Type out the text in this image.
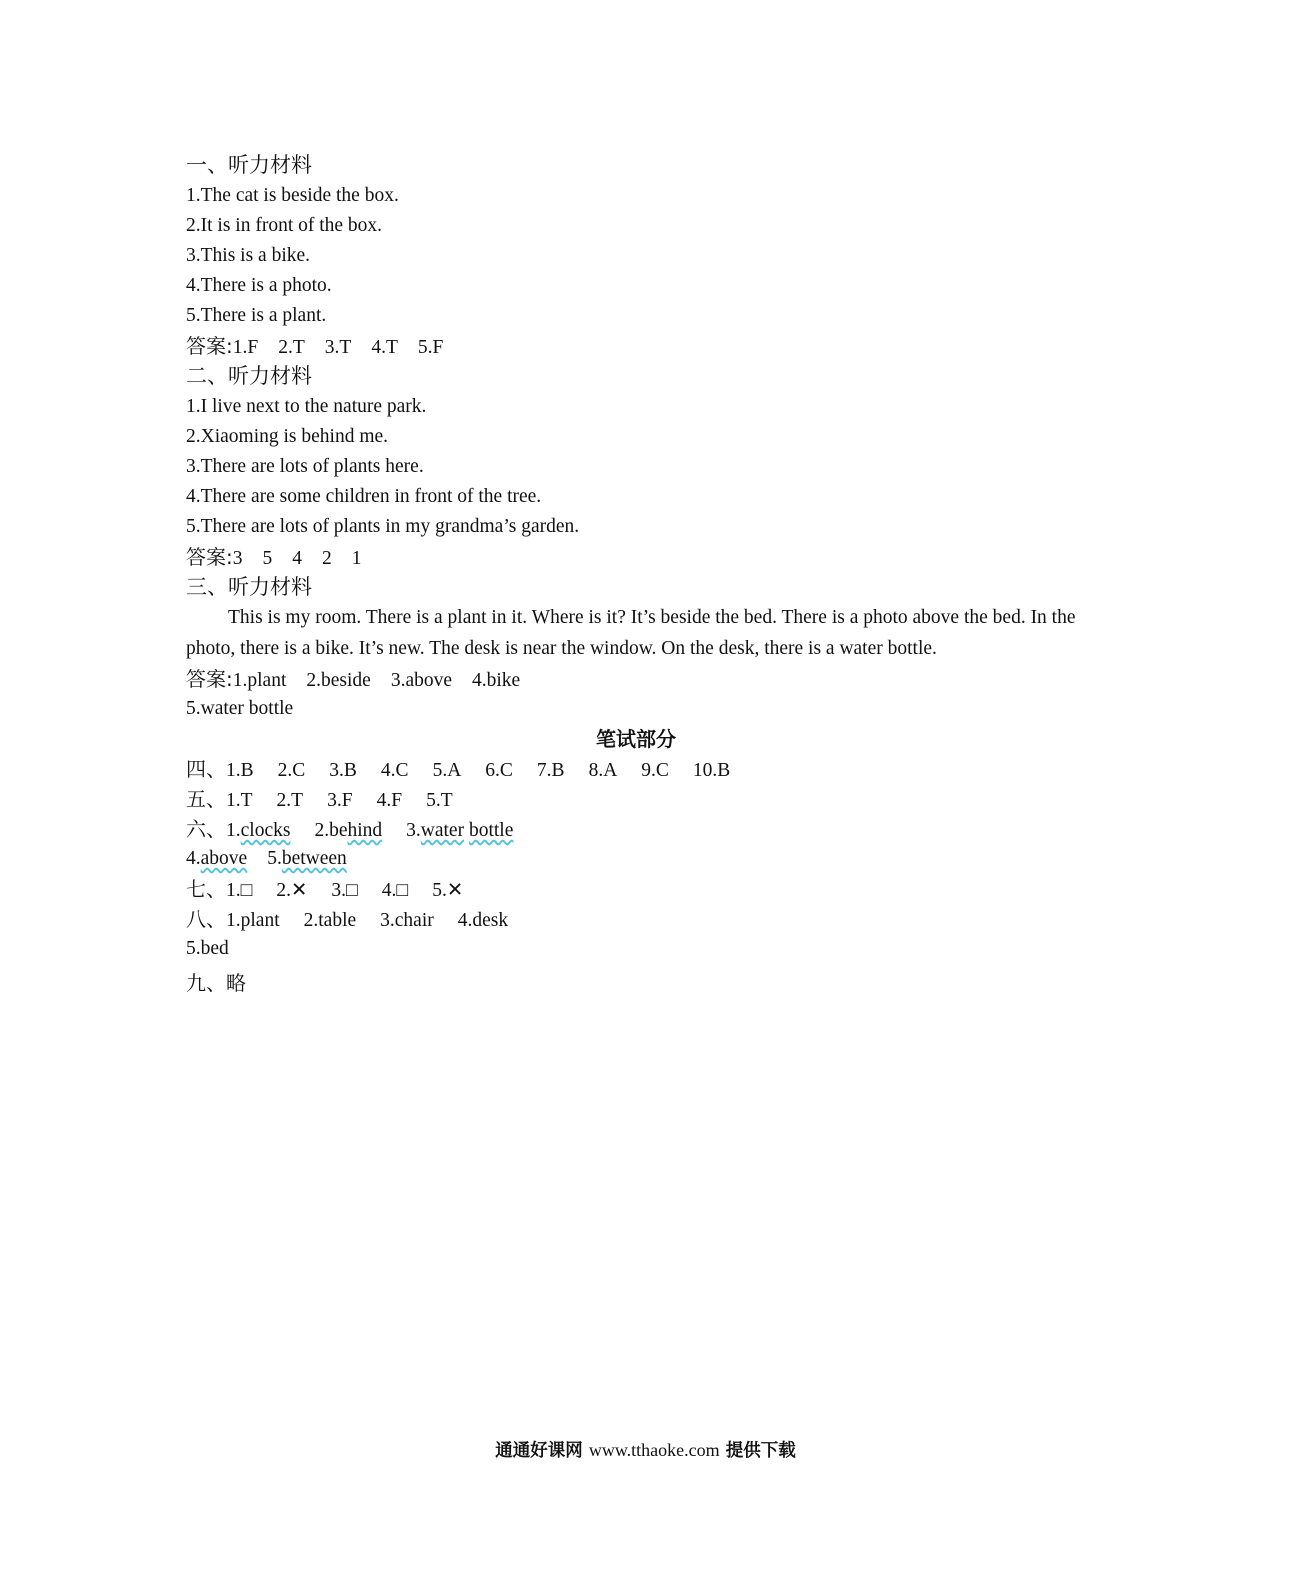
一、听力材料
1.The cat is beside the box.
2.It is in front of the box.
3.This is a bike.
4.There is a photo.
5.There is a plant.
答案:1.F 2.T 3.T 4.T 5.F
二、听力材料
1.I live next to the nature park.
2.Xiaoming is behind me.
3.There are lots of plants here.
4.There are some children in front of the tree.
5.There are lots of plants in my grandma’s garden.
答案:3 5 4 2 1
三、听力材料
This is my room. There is a plant in it. Where is it? It’s beside the bed. There is a photo above the bed. In the photo, there is a bike. It’s new. The desk is near the window. On the desk, there is a water bottle.
答案:1.plant 2.beside 3.above 4.bike
5.water bottle
笔试部分
四、1.B 2.C 3.B 4.C 5.A 6.C 7.B 8.A 9.C 10.B
五、1.T 2.T 3.F 4.F 5.T
六、1.clocks 2.behind 3.water bottle
4.above 5.between
七、1.□ 2.✕ 3.□ 4.□ 5.✕
八、1.plant 2.table 3.chair 4.desk
5.bed
九、略
通通好课网 www.tthaoke.com 提供下载
